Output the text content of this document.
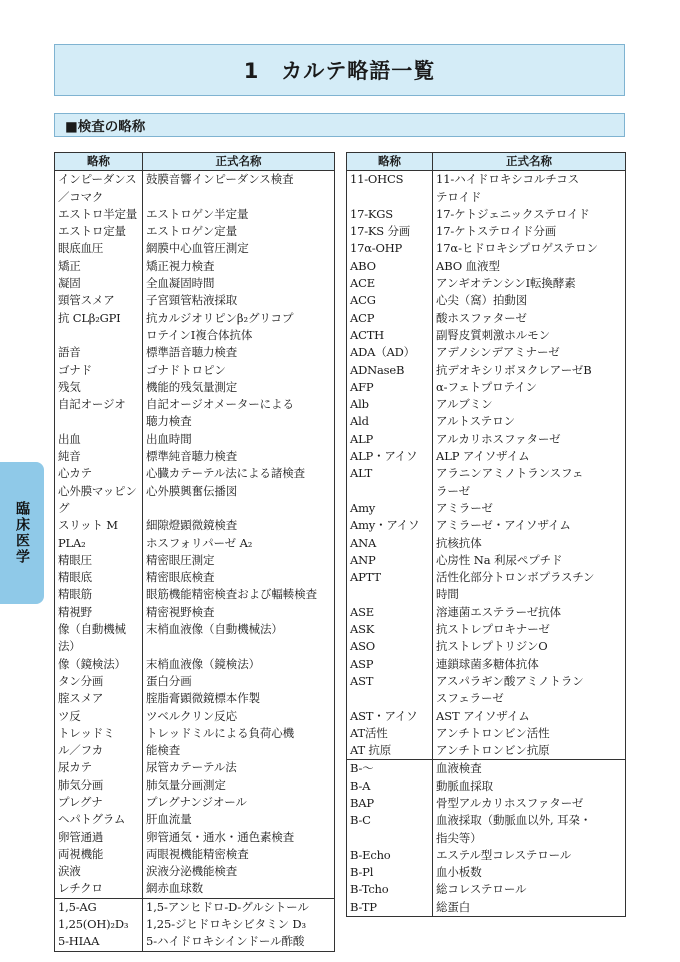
1　カルテ略語一覧
■検査の略称
臨床医学
略称	正式名称
インピーダンス
／コマク	鼓膜音響インピーダンス検査
エストロ半定量	エストロゲン半定量
エストロ定量	エストロゲン定量
眼底血圧	網膜中心血管圧測定
矯正	矯正視力検査
凝固	全血凝固時間
頸管スメア	子宮頸管粘液採取
抗 CLβ₂GPI	抗カルジオリピンβ₂グリコプ
ロテインⅠ複合体抗体
語音	標準語音聴力検査
ゴナド	ゴナドトロピン
残気	機能的残気量測定
自記オージオ	自記オージオメーターによる
聴力検査
出血	出血時間
純音	標準純音聴力検査
心カテ	心臓カテーテル法による諸検査
心外膜マッピング	心外膜興奮伝播図
スリット M	細隙燈顕微鏡検査
PLA₂	ホスフォリパーゼ A₂
精眼圧	精密眼圧測定
精眼底	精密眼底検査
精眼筋	眼筋機能精密検査および輻輳検査
精視野	精密視野検査
像（自動機械法）	末梢血液像（自動機械法）
像（鏡検法）	末梢血液像（鏡検法）
タン分画	蛋白分画
腟スメア	腟脂膏顕微鏡標本作製
ツ反	ツベルクリン反応
トレッドミ
ル／フカ	トレッドミルによる負荷心機
能検査
尿カテ	尿管カテーテル法
肺気分画	肺気量分画測定
プレグナ	プレグナンジオール
ヘパトグラム	肝血流量
卵管通過	卵管通気・通水・通色素検査
両視機能	両眼視機能精密検査
涙液	涙液分泌機能検査
レチクロ	網赤血球数
1,5-AG	1,5-アンヒドロ-D-グルシトール
1,25(OH)₂D₃	1,25-ジヒドロキシビタミン D₃
5-HIAA	5-ハイドロキシインドール酢酸
略称	正式名称
11-OHCS	11-ハイドロキシコルチコス
テロイド
17-KGS	17-ケトジェニックステロイド
17-KS 分画	17-ケトステロイド分画
17α-OHP	17α-ヒドロキシプロゲステロン
ABO	ABO 血液型
ACE	アンギオテンシンⅠ転換酵素
ACG	心尖（窩）拍動図
ACP	酸ホスファターゼ
ACTH	副腎皮質刺激ホルモン
ADA（AD）	アデノシンデアミナーゼ
ADNaseB	抗デオキシリボヌクレアーゼB
AFP	α-フェトプロテイン
Alb	アルブミン
Ald	アルトステロン
ALP	アルカリホスファターゼ
ALP・アイソ	ALP アイソザイム
ALT	アラニンアミノトランスフェ
ラーゼ
Amy	アミラーゼ
Amy・アイソ	アミラーゼ・アイソザイム
ANA	抗核抗体
ANP	心房性 Na 利尿ペプチド
APTT	活性化部分トロンボプラスチン
時間
ASE	溶連菌エステラーゼ抗体
ASK	抗ストレプロキナーゼ
ASO	抗ストレプトリジンO
ASP	連鎖球菌多糖体抗体
AST	アスパラギン酸アミノトラン
スフェラーゼ
AST・アイソ	AST アイソザイム
AT活性	アンチトロンビン活性
AT 抗原	アンチトロンビン抗原
B-～	血液検査
B-A	動脈血採取
BAP	骨型アルカリホスファターゼ
B-C	血液採取（動脈血以外, 耳朶・
指尖等）
B-Echo	エステル型コレステロール
B-Pl	血小板数
B-Tcho	総コレステロール
B-TP	総蛋白
